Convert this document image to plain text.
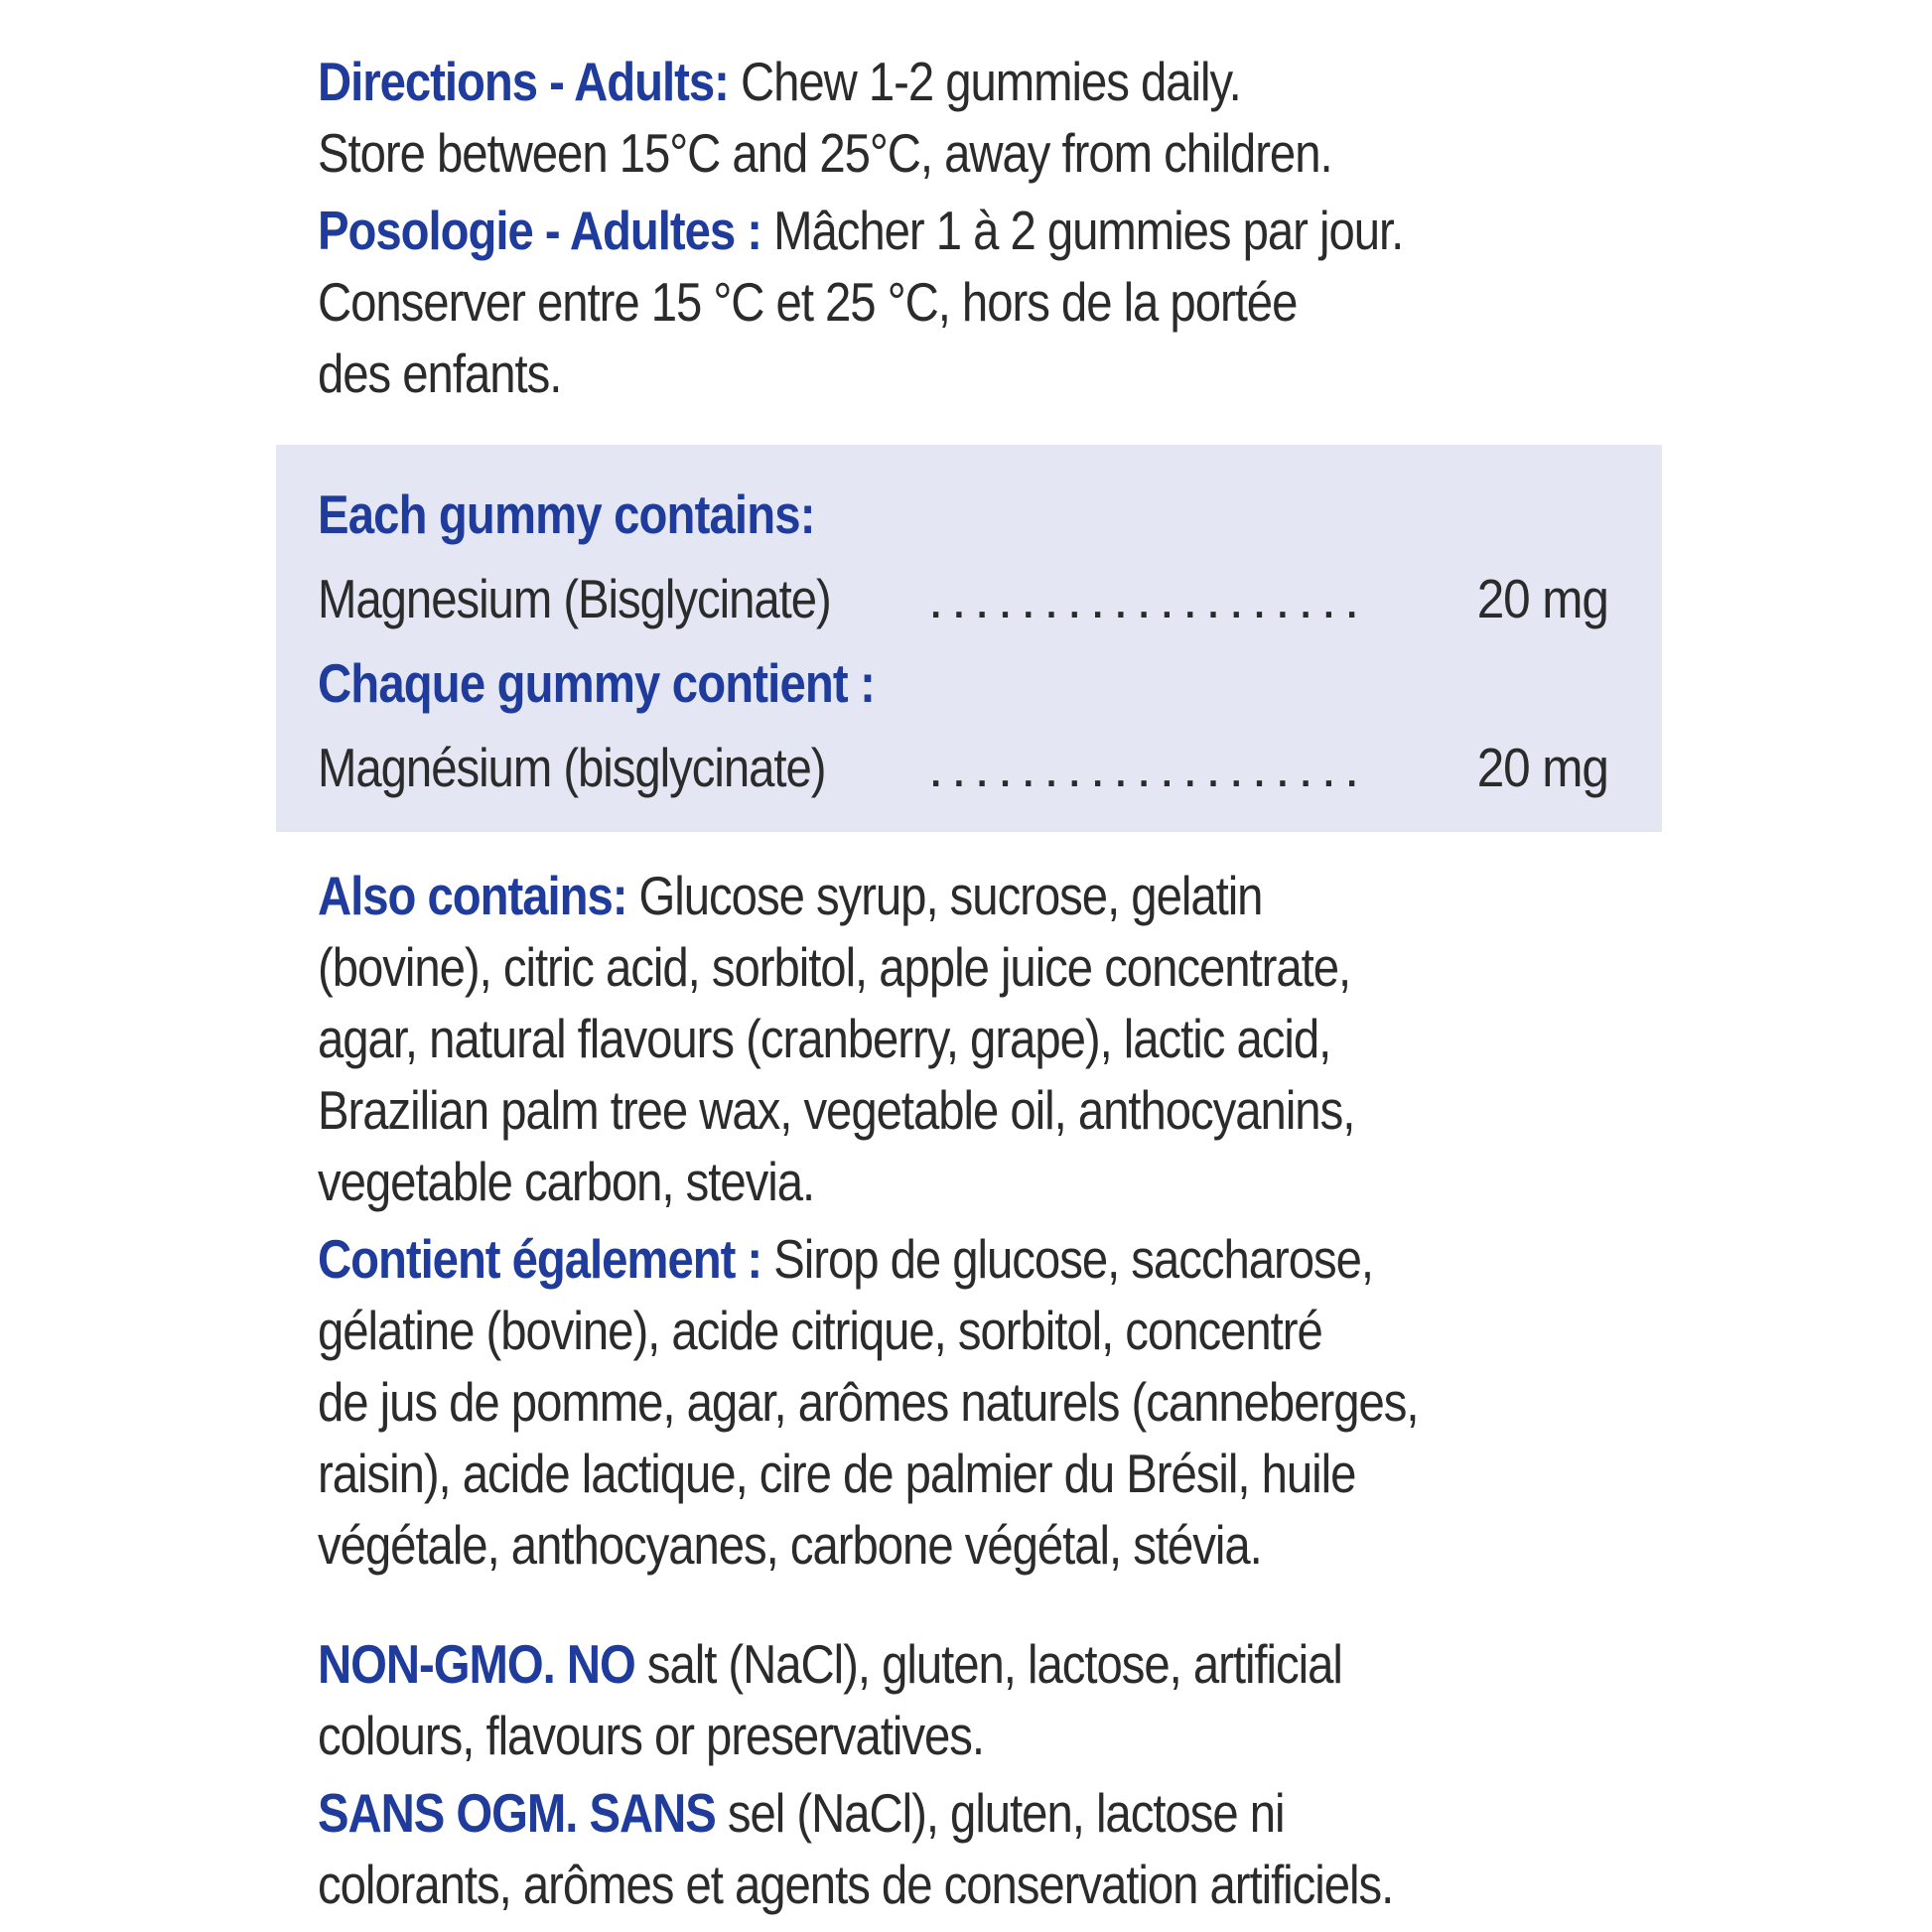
Directions - Adults: Chew 1-2 gummies daily.
Store between 15°C and 25°C, away from children.

Posologie - Adultes : Mâcher 1 à 2 gummies par jour.
Conserver entre 15 °C et 25 °C, hors de la portée
des enfants.

Each gummy contains:
Magnesium (Bisglycinate) ................... 20 mg
Chaque gummy contient :
Magnésium (bisglycinate) ................... 20 mg

Also contains: Glucose syrup, sucrose, gelatin
(bovine), citric acid, sorbitol, apple juice concentrate,
agar, natural flavours (cranberry, grape), lactic acid,
Brazilian palm tree wax, vegetable oil, anthocyanins,
vegetable carbon, stevia.

Contient également : Sirop de glucose, saccharose,
gélatine (bovine), acide citrique, sorbitol, concentré
de jus de pomme, agar, arômes naturels (canneberges,
raisin), acide lactique, cire de palmier du Brésil, huile
végétale, anthocyanes, carbone végétal, stévia.

NON-GMO. NO salt (NaCl), gluten, lactose, artificial
colours, flavours or preservatives.

SANS OGM. SANS sel (NaCl), gluten, lactose ni
colorants, arômes et agents de conservation artificiels.
